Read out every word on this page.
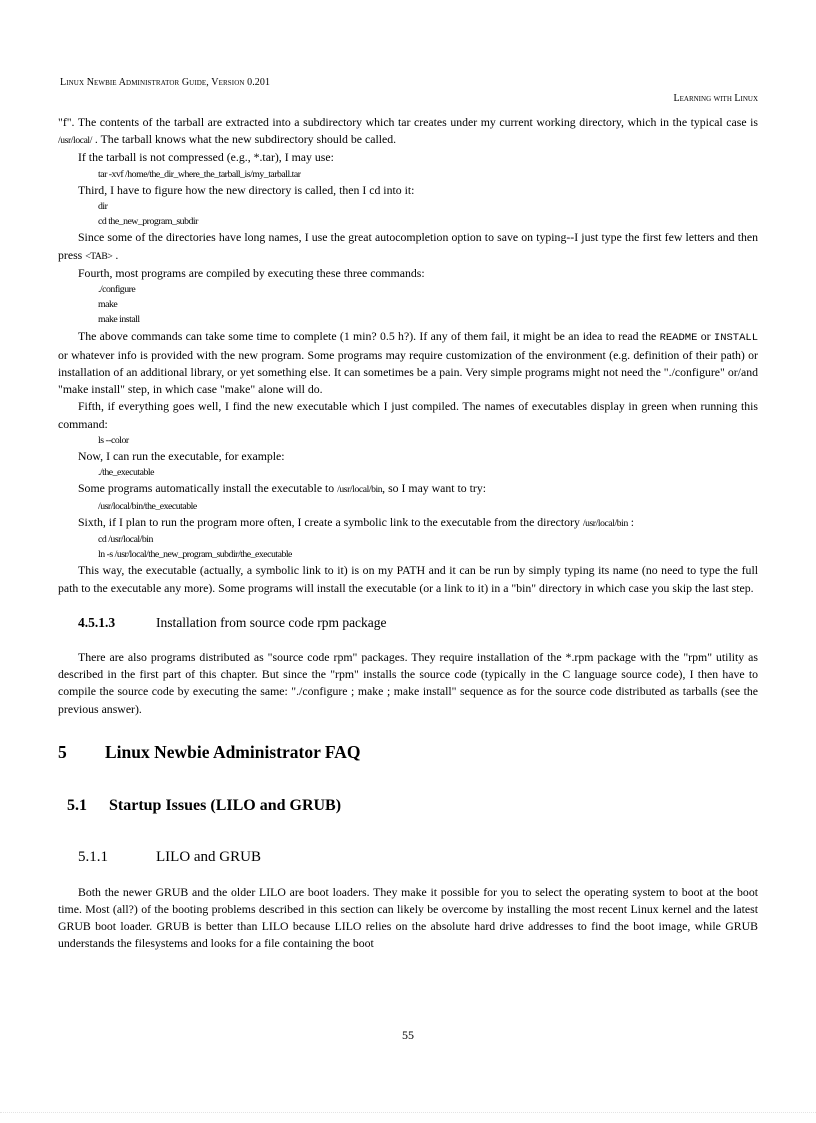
Linux Newbie Administrator Guide, Version 0.201
Learning with Linux

"f". The contents of the tarball are extracted into a subdirectory which tar creates under my current working directory, which in the typical case is /usr/local/ . The tarball knows what the new subdirectory should be called.

If the tarball is not compressed (e.g., *.tar), I may use:

tar -xvf /home/the_dir_where_the_tarball_is/my_tarball.tar

Third, I have to figure how the new directory is called, then I cd into it:

dir
cd the_new_program_subdir

Since some of the directories have long names, I use the great autocompletion option to save on typing--I just type the first few letters and then press <TAB> .

Fourth, most programs are compiled by executing these three commands:

./configure
make
make install

The above commands can take some time to complete (1 min? 0.5 h?). If any of them fail, it might be an idea to read the README or INSTALL or whatever info is provided with the new program. Some programs may require customization of the environment (e.g. definition of their path) or installation of an additional library, or yet something else. It can sometimes be a pain. Very simple programs might not need the "./configure" or/and "make install" step, in which case "make" alone will do.

Fifth, if everything goes well, I find the new executable which I just compiled. The names of executables display in green when running this command:

ls --color

Now, I can run the executable, for example:

./the_executable

Some programs automatically install the executable to /usr/local/bin, so I may want to try:

/usr/local/bin/the_executable

Sixth, if I plan to run the program more often, I create a symbolic link to the executable from the directory /usr/local/bin :

cd /usr/local/bin
ln -s /usr/local/the_new_program_subdir/the_executable

This way, the executable (actually, a symbolic link to it) is on my PATH and it can be run by simply typing its name (no need to type the full path to the executable any more). Some programs will install the executable (or a link to it) in a "bin" directory in which case you skip the last step.

4.5.1.3	Installation from source code rpm package

There are also programs distributed as "source code rpm" packages. They require installation of the *.rpm package with the "rpm" utility as described in the first part of this chapter. But since the "rpm" installs the source code (typically in the C language source code), I then have to compile the source code by executing the same: "./configure ; make ; make install" sequence as for the source code distributed as tarballs (see the previous answer).

5 Linux Newbie Administrator FAQ
5.1 Startup Issues (LILO and GRUB)
5.1.1	LILO and GRUB

Both the newer GRUB and the older LILO are boot loaders. They make it possible for you to select the operating system to boot at the boot time. Most (all?) of the booting problems described in this section can likely be overcome by installing the most recent Linux kernel and the latest GRUB boot loader. GRUB is better than LILO because LILO relies on the absolute hard drive addresses to find the boot image, while GRUB understands the filesystems and looks for a file containing the boot

55
